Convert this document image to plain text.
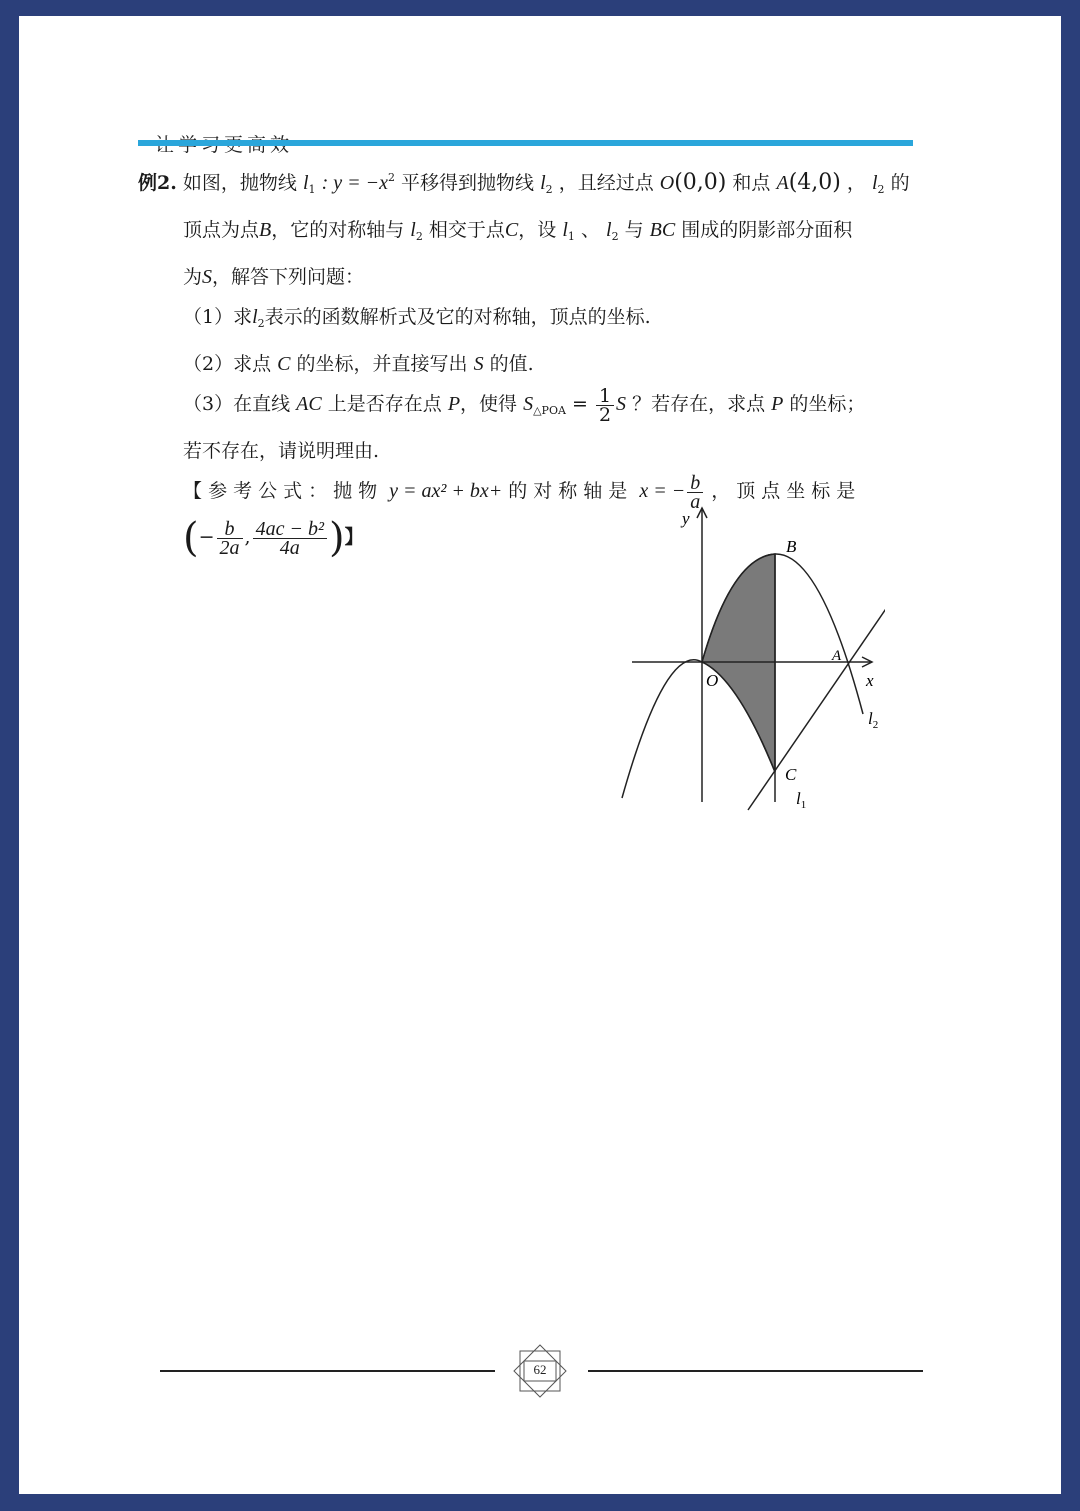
例2. 如图，抛物线 $l_1$ : $y = -x^2$ 平移得到抛物线 $l_2$ ，且经过点 O(0,0) 和点 A(4,0) ， $l_2$ 的
顶点为点B，它的对称轴与 $l_2$ 相交于点C，设 $l_1$ 、 $l_2$ 与 BC 围成的阴影部分面积
为S，解答下列问题：
（1）求$l_2$表示的函数解析式及它的对称轴，顶点的坐标.
（2）求点 C 的坐标，并直接写出 S 的值.
（3）在直线 AC 上是否存在点 P，使得 $S_{\triangle POA} = \frac{1}{2}$ S ？若存在，求点 P 的坐标；
若不存在，请说明理由.
【 参考公式：抛物 y = ax² + bx+ 的对称轴是 x = − $\frac{b}{a}$ ，顶点坐标是
(− $\frac{b}{2a}$ , $\frac{\text{4ac − b²}}{4a}$ )】
y
x
B
A
O
C
$l_2$
$l_1$
62
